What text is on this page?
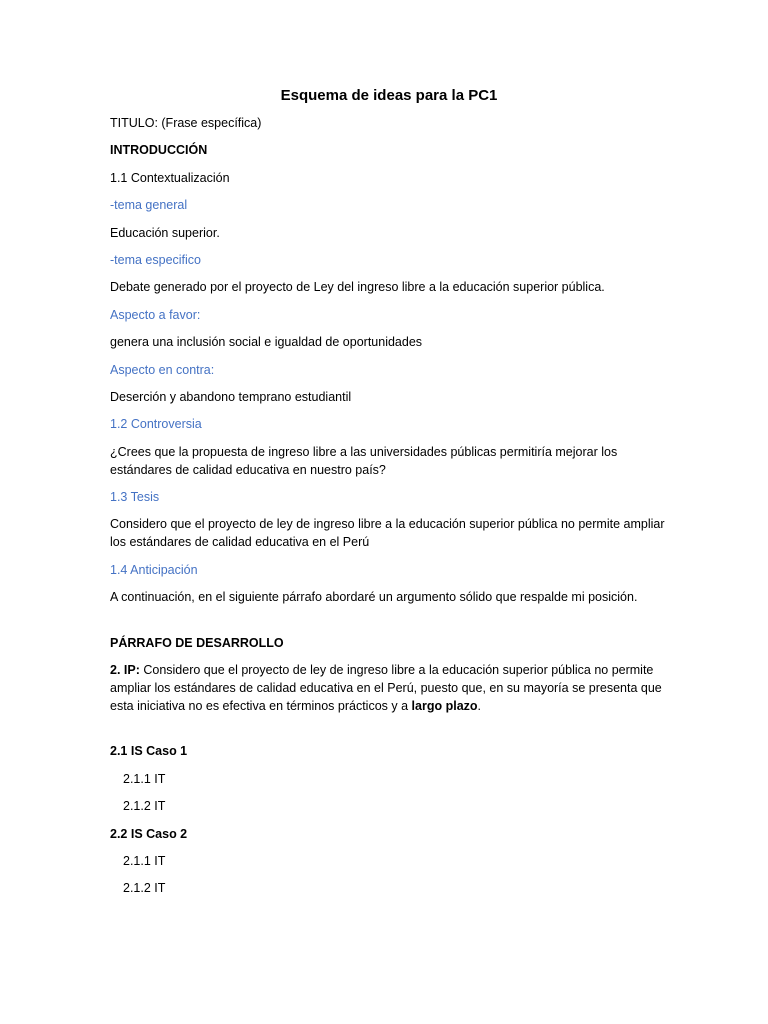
Esquema de ideas para la PC1

TITULO: (Frase específica)

INTRODUCCIÓN

1.1 Contextualización

-tema general

Educación superior.

-tema especifico

Debate generado por el proyecto de Ley del ingreso libre a la educación superior pública.

Aspecto a favor:

genera una inclusión social e igualdad de oportunidades

Aspecto en contra:

Deserción y abandono temprano estudiantil

1.2 Controversia

¿Crees que la propuesta de ingreso libre a las universidades públicas permitiría mejorar los estándares de calidad educativa en nuestro país?

1.3 Tesis

Considero que el proyecto de ley de ingreso libre a la educación superior pública no permite ampliar los estándares de calidad educativa en el Perú

1.4 Anticipación

A continuación, en el siguiente párrafo abordaré un argumento sólido que respalde mi posición.

PÁRRAFO DE DESARROLLO

2. IP: Considero que el proyecto de ley de ingreso libre a la educación superior pública no permite ampliar los estándares de calidad educativa en el Perú, puesto que, en su mayoría se presenta que esta iniciativa no es efectiva en términos prácticos y a largo plazo.

2.1 IS Caso 1

2.1.1 IT

2.1.2 IT

2.2 IS Caso 2

2.1.1 IT

2.1.2 IT
